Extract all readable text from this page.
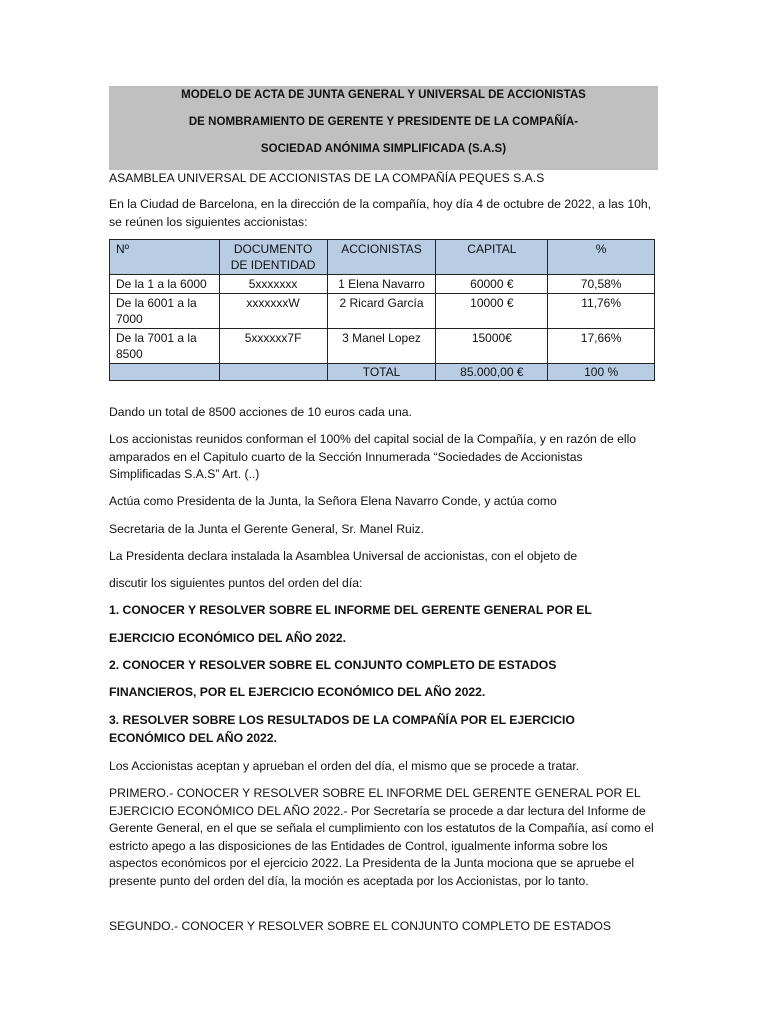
MODELO DE ACTA DE JUNTA GENERAL Y UNIVERSAL DE ACCIONISTAS
DE NOMBRAMIENTO DE GERENTE Y PRESIDENTE DE LA COMPAÑÍA-
SOCIEDAD ANÓNIMA SIMPLIFICADA (S.A.S)

ASAMBLEA UNIVERSAL DE ACCIONISTAS DE LA COMPAÑÍA PEQUES S.A.S

En la Ciudad de Barcelona, en la dirección de la compañía, hoy día 4 de octubre de 2022, a las 10h, se reúnen los siguientes accionistas:

Nº	DOCUMENTO DE IDENTIDAD	ACCIONISTAS	CAPITAL	%
De la 1 a la 6000	5xxxxxxx	1 Elena Navarro	60000 €	70,58%
De la 6001 a la 7000	xxxxxxxW	2 Ricard García	10000 €	11,76%
De la 7001 a la 8500	5xxxxxx7F	3 Manel Lopez	15000€	17,66%
		TOTAL	85.000,00 €	100 %

Dando un total de 8500 acciones de 10 euros cada una.

Los accionistas reunidos conforman el 100% del capital social de la Compañía, y en razón de ello amparados en el Capitulo cuarto de la Sección Innumerada “Sociedades de Accionistas Simplificadas S.A.S” Art. (..)

Actúa como Presidenta de la Junta, la Señora Elena Navarro Conde, y actúa como

Secretaria de la Junta el Gerente General, Sr. Manel Ruiz.

La Presidenta declara instalada la Asamblea Universal de accionistas, con el objeto de

discutir los siguientes puntos del orden del día:

1. CONOCER Y RESOLVER SOBRE EL INFORME DEL GERENTE GENERAL POR EL

EJERCICIO ECONÓMICO DEL AÑO 2022.

2. CONOCER Y RESOLVER SOBRE EL CONJUNTO COMPLETO DE ESTADOS

FINANCIEROS, POR EL EJERCICIO ECONÓMICO DEL AÑO 2022.

3. RESOLVER SOBRE LOS RESULTADOS DE LA COMPAÑÍA POR EL EJERCICIO ECONÓMICO DEL AÑO 2022.

Los Accionistas aceptan y aprueban el orden del día, el mismo que se procede a tratar.

PRIMERO.- CONOCER Y RESOLVER SOBRE EL INFORME DEL GERENTE GENERAL POR EL EJERCICIO ECONÓMICO DEL AÑO 2022.- Por Secretaría se procede a dar lectura del Informe de Gerente General, en el que se señala el cumplimiento con los estatutos de la Compañía, así como el estricto apego a las disposiciones de las Entidades de Control, igualmente informa sobre los aspectos económicos por el ejercicio 2022. La Presidenta de la Junta mociona que se apruebe el presente punto del orden del día, la moción es aceptada por los Accionistas, por lo tanto.

SEGUNDO.- CONOCER Y RESOLVER SOBRE EL CONJUNTO COMPLETO DE ESTADOS
